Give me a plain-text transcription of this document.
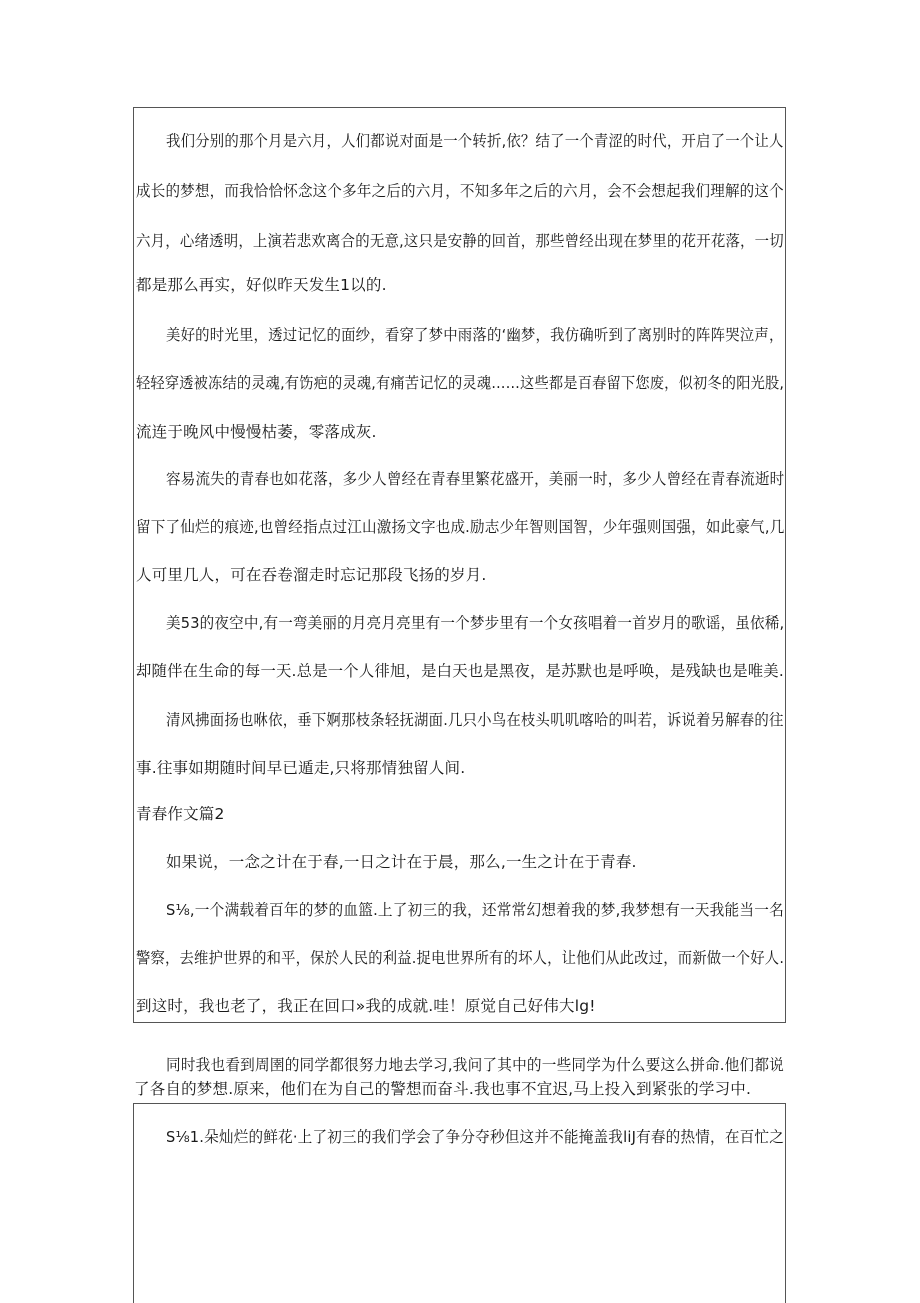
我们分别的那个月是六月，人们都说对面是一个转折,依？结了一个青涩的时代，开启了一个让人
成长的梦想，而我恰恰怀念这个多年之后的六月，不知多年之后的六月，会不会想起我们理解的这个
六月，心绪透明，上演若悲欢离合的无意,这只是安静的回首，那些曾经出现在梦里的花开花落，一切
都是那么再实，好似昨天发生1以的.
美好的时光里，透过记忆的面纱，看穿了梦中雨落的‘幽梦，我仿确听到了离别时的阵阵哭泣声，
轻轻穿透被冻结的灵魂,有饬疤的灵魂,有痛苦记忆的灵魂……这些都是百春留下您废，似初冬的阳光股,
流连于晚风中慢慢枯萎，零落成灰.
容易流失的青春也如花落，多少人曾经在青春里繁花盛开，美丽一时，多少人曾经在青春流逝时
留下了仙烂的痕迹,也曾经指点过江山激扬文字也成.励志少年智则国智，少年强则国强，如此豪气,几
人可里几人，可在吞卷溜走时忘记那段飞扬的岁月.
美53的夜空中,有一弯美丽的月亮月亮里有一个梦步里有一个女孩唱着一首岁月的歌谣，虽依稀,
却随伴在生命的每一天.总是一个人徘旭，是白天也是黑夜，是苏默也是呼唤，是残缺也是唯美.
清风拂面扬也咻依，垂下婀那枝条轻抚湖面.几只小鸟在枝头叽叽喀哈的叫若，诉说着另解春的往
事.往事如期随时间早已遁走,只将那情独留人间.
青春作文篇2
如果说，一念之计在于春,一日之计在于晨，那么,一生之计在于青春.
S⅛,一个满载着百年的梦的血篮.上了初三的我，还常常幻想着我的梦,我梦想有一天我能当一名
警察，去维护世界的和平，保於人民的利益.捉电世界所有的坏人，让他们从此改过，而新做一个好人.
到这时，我也老了，我正在回口»我的成就.哇！原觉自己好伟大lg!
同时我也看到周圉的同学都很努力地去学习,我问了其中的一些同学为什么要这么拼命.他们都说
了各自的梦想.原来，他们在为自己的警想而奋斗.我也事不宜迟,马上投入到紧张的学习中.
S⅛1.朵灿烂的鲜花·上了初三的我们学会了争分夺秒但这并不能掩盖我liJ有春的热情，在百忙之
